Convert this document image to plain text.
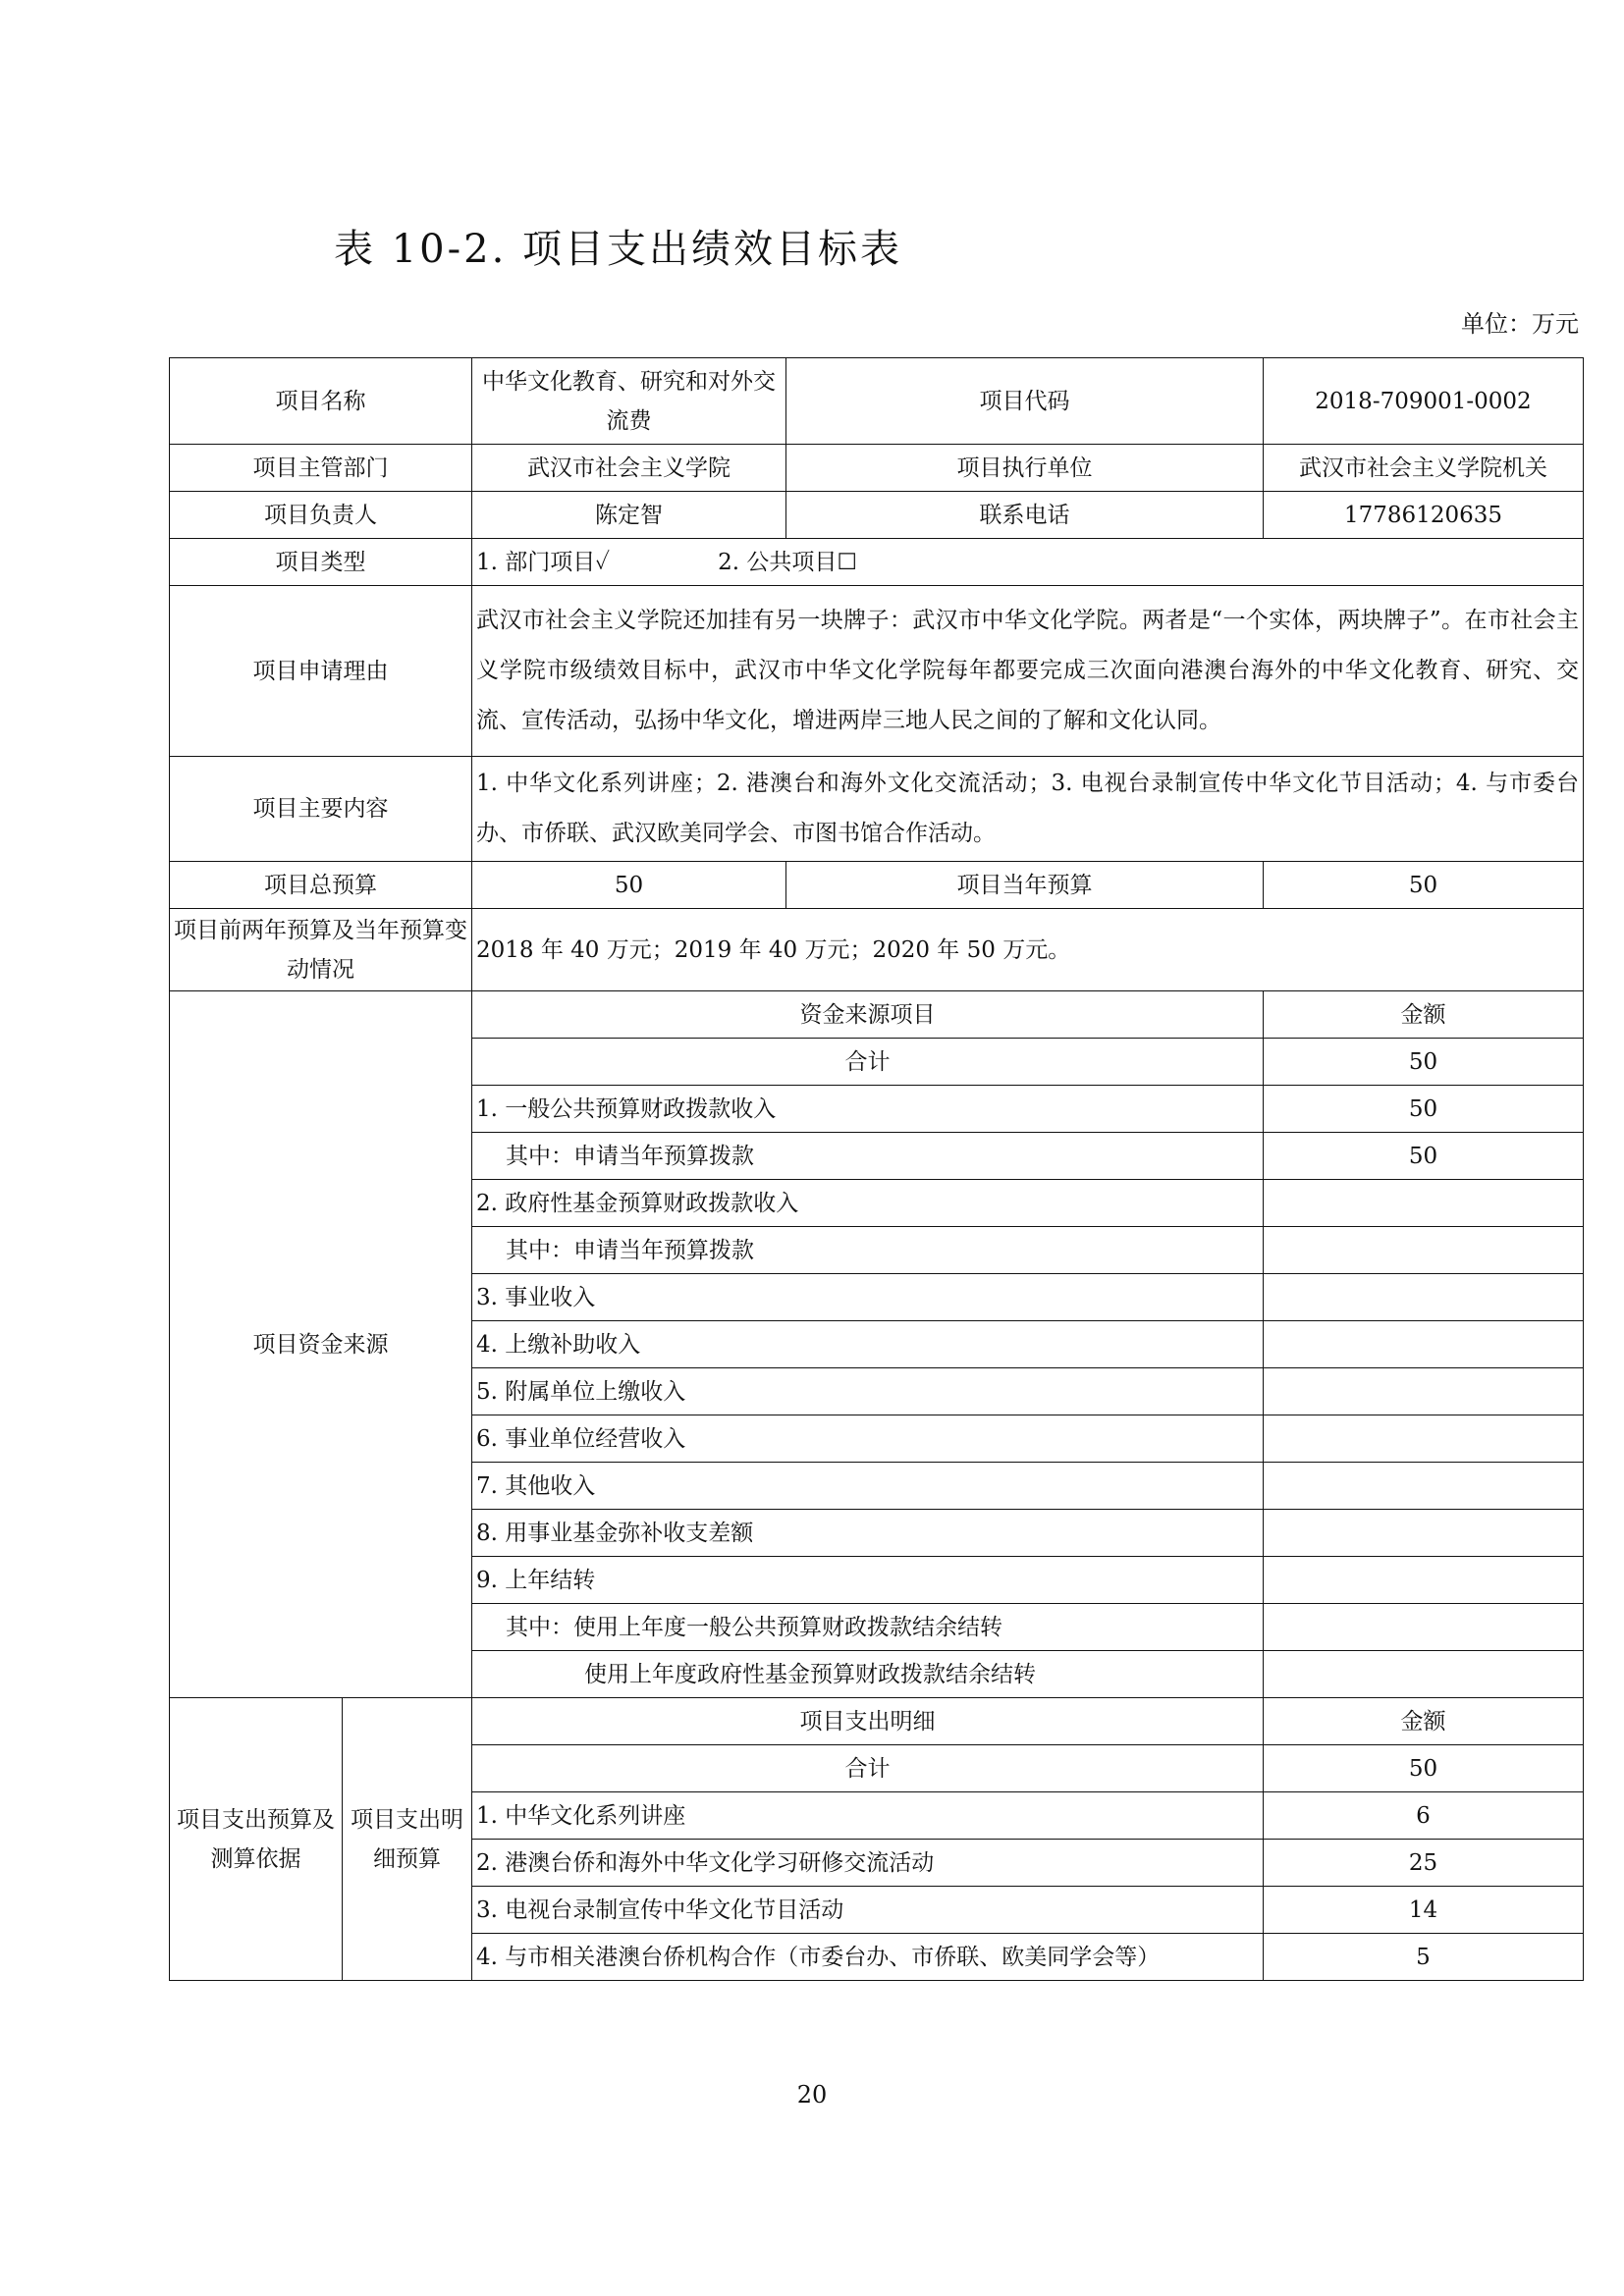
表 10-2. 项目支出绩效目标表
单位：万元
项目名称		中华文化教育、研究和对外交流费	项目代码	2018-709001-0002
项目主管部门		武汉市社会主义学院	项目执行单位	武汉市社会主义学院机关
项目负责人		陈定智	联系电话	17786120635
项目类型		1. 部门项目✓ 2. 公共项目☐		
项目申请理由		武汉市社会主义学院还加挂有另一块牌子：武汉市中华文化学院。两者是“一个实体，两块牌子”。在市社会主义学院市级绩效目标中，武汉市中华文化学院每年都要完成三次面向港澳台海外的中华文化教育、研究、交流、宣传活动，弘扬中华文化，增进两岸三地人民之间的了解和文化认同。		
项目主要内容		1. 中华文化系列讲座；2. 港澳台和海外文化交流活动；3. 电视台录制宣传中华文化节目活动；4. 与市委台办、市侨联、武汉欧美同学会、市图书馆合作活动。		
项目总预算		50	项目当年预算	50
项目前两年预算及当年预算变动情况		2018 年 40 万元；2019 年 40 万元；2020 年 50 万元。		
项目资金来源		资金来源项目		金额
		合计		50
		1. 一般公共预算财政拨款收入		50
		其中：申请当年预算拨款		50
		2. 政府性基金预算财政拨款收入		
		其中：申请当年预算拨款		
		3. 事业收入		
		4. 上缴补助收入		
		5. 附属单位上缴收入		
		6. 事业单位经营收入		
		7. 其他收入		
		8. 用事业基金弥补收支差额		
		9. 上年结转		
		其中：使用上年度一般公共预算财政拨款结余结转		
		使用上年度政府性基金预算财政拨款结余结转		
项目支出预算及测算依据	项目支出明细预算	项目支出明细		金额
		合计		50
		1. 中华文化系列讲座		6
		2. 港澳台侨和海外中华文化学习研修交流活动		25
		3. 电视台录制宣传中华文化节目活动		14
		4. 与市相关港澳台侨机构合作（市委台办、市侨联、欧美同学会等）		5
20
